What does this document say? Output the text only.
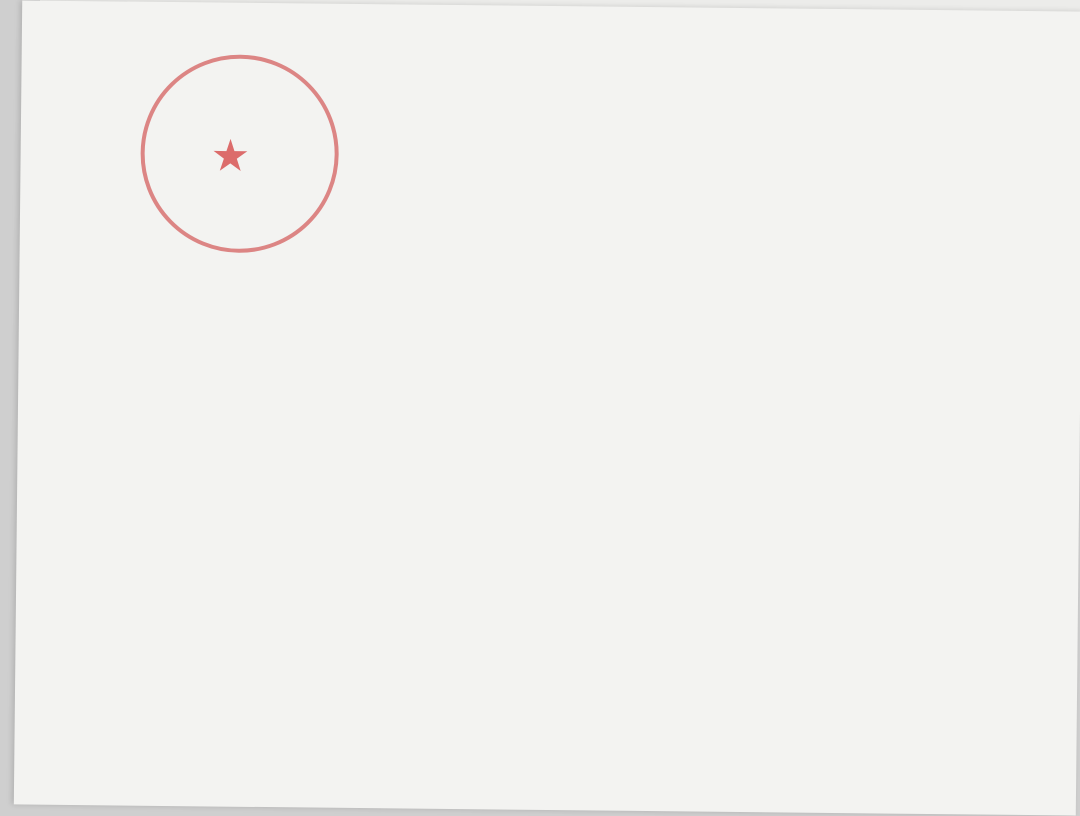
★
